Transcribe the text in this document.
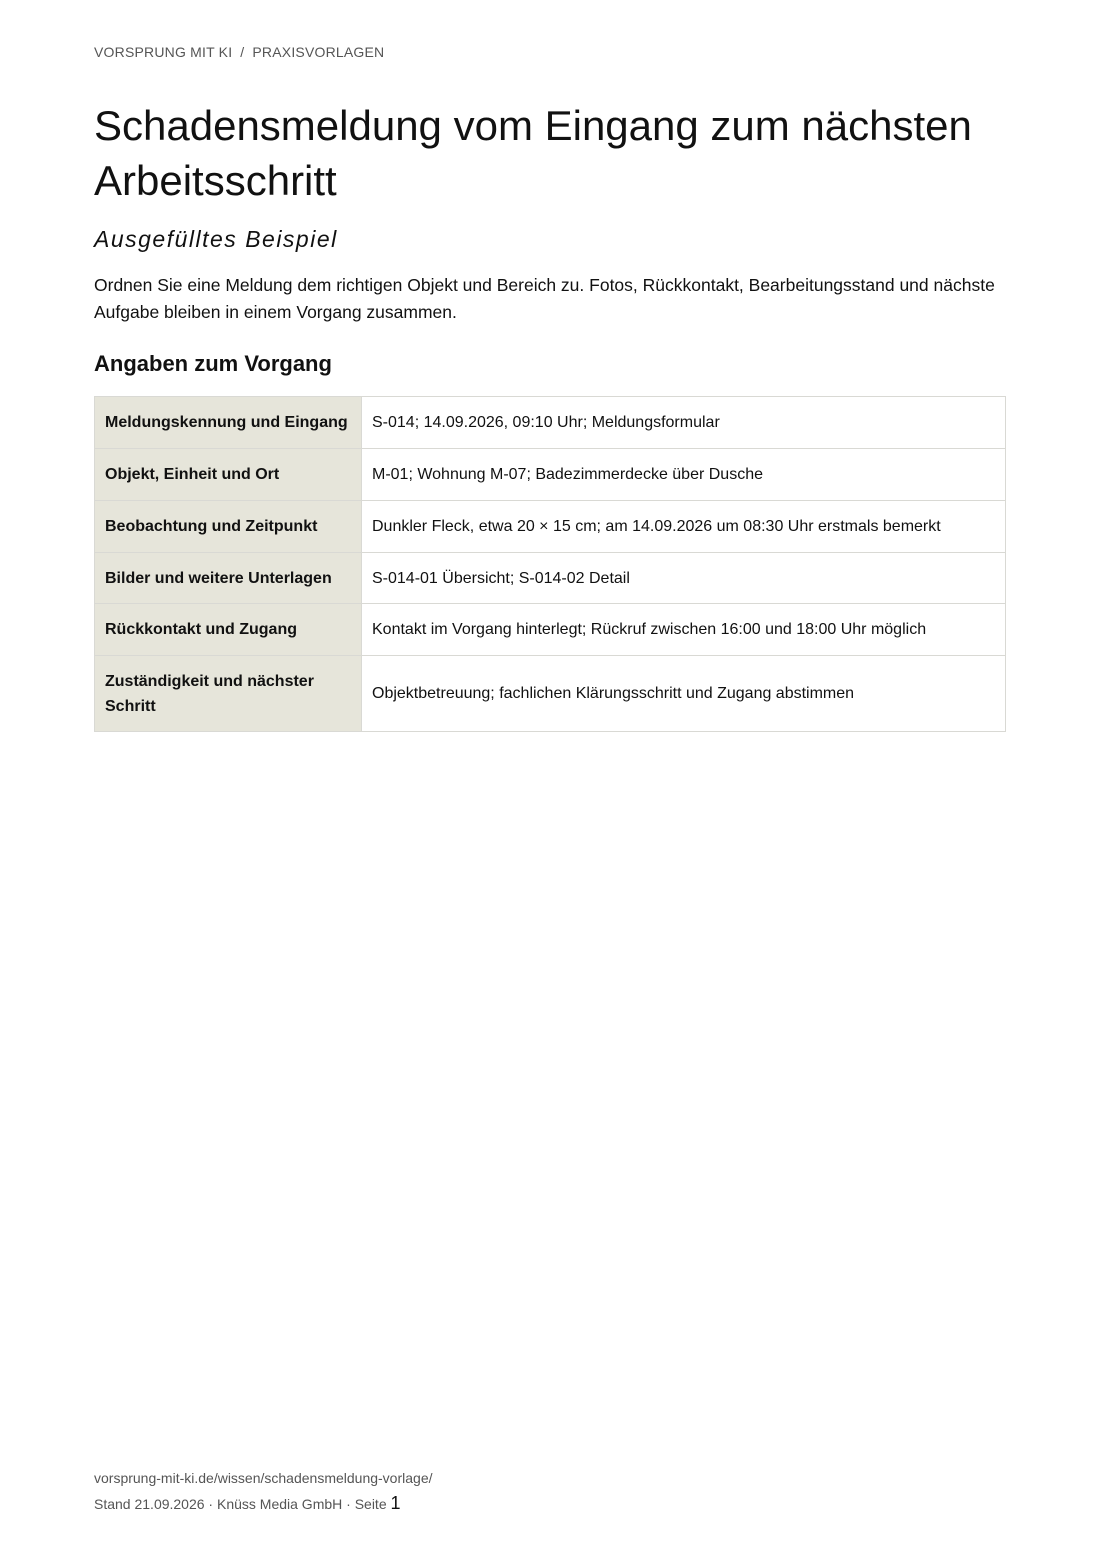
VORSPRUNG MIT KI / PRAXISVORLAGEN
Schadensmeldung vom Eingang zum nächsten Arbeitsschritt
Ausgefülltes Beispiel

Ordnen Sie eine Meldung dem richtigen Objekt und Bereich zu. Fotos, Rückkontakt, Bearbeitungsstand und nächste Aufgabe bleiben in einem Vorgang zusammen.

Angaben zum Vorgang
Meldungskennung und Eingang	S-014; 14.09.2026, 09:10 Uhr; Meldungsformular
Objekt, Einheit und Ort	M-01; Wohnung M-07; Badezimmerdecke über Dusche
Beobachtung und Zeitpunkt	Dunkler Fleck, etwa 20 × 15 cm; am 14.09.2026 um 08:30 Uhr erstmals bemerkt
Bilder und weitere Unterlagen	S-014-01 Übersicht; S-014-02 Detail
Rückkontakt und Zugang	Kontakt im Vorgang hinterlegt; Rückruf zwischen 16:00 und 18:00 Uhr möglich
Zuständigkeit und nächster Schritt	Objektbetreuung; fachlichen Klärungsschritt und Zugang abstimmen
vorsprung-mit-ki.de/wissen/schadensmeldung-vorlage/
Stand 21.09.2026 · Knüss Media GmbH · Seite 1
